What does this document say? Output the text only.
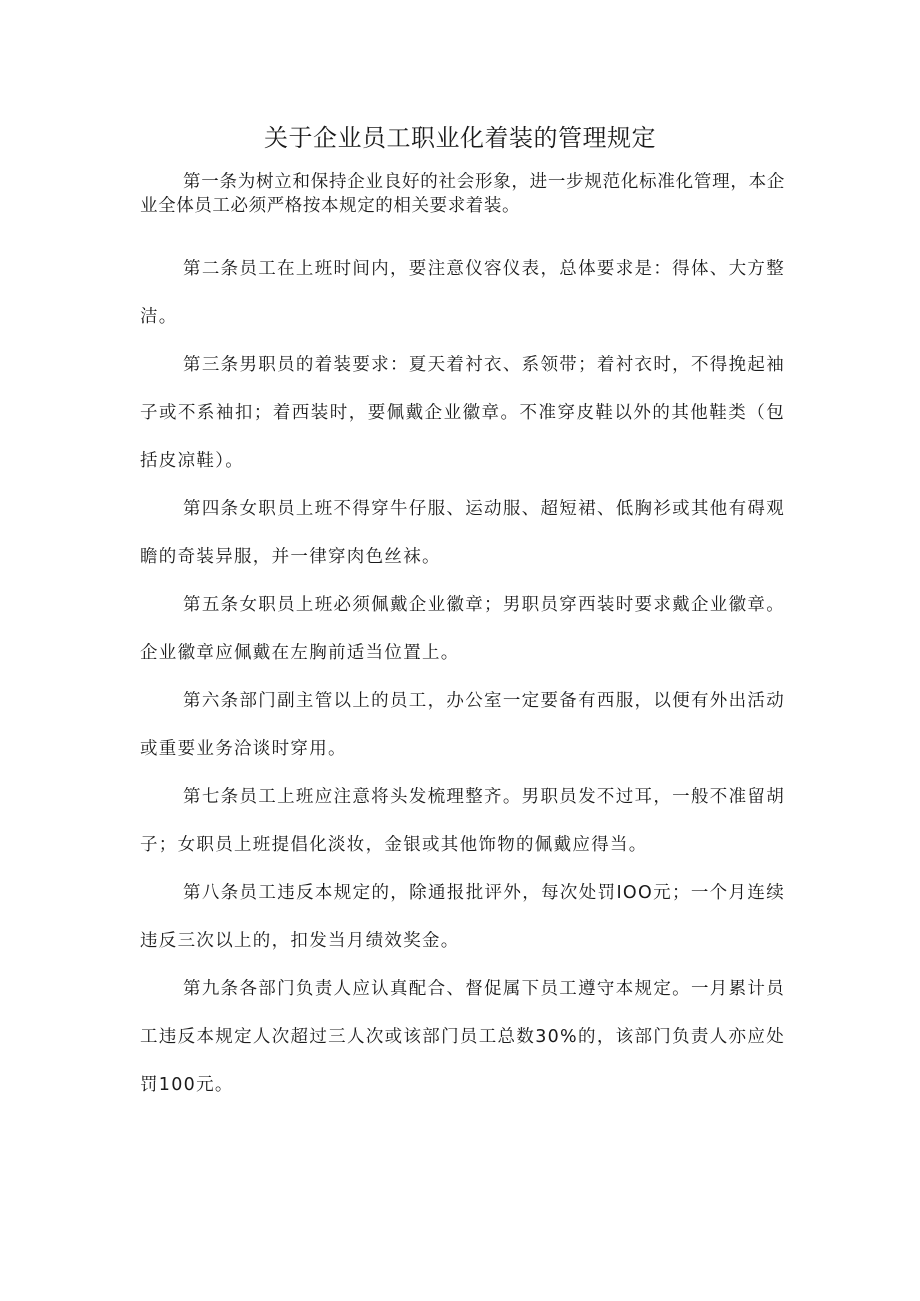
关于企业员工职业化着装的管理规定

第一条为树立和保持企业良好的社会形象，进一步规范化标准化管理，本企业全体员工必须严格按本规定的相关要求着装。

第二条员工在上班时间内，要注意仪容仪表，总体要求是：得体、大方整洁。

第三条男职员的着装要求：夏天着衬衣、系领带；着衬衣时，不得挽起袖子或不系袖扣；着西装时，要佩戴企业徽章。不准穿皮鞋以外的其他鞋类（包括皮凉鞋）。

第四条女职员上班不得穿牛仔服、运动服、超短裙、低胸衫或其他有碍观瞻的奇装异服，并一律穿肉色丝袜。

第五条女职员上班必须佩戴企业徽章；男职员穿西装时要求戴企业徽章。企业徽章应佩戴在左胸前适当位置上。

第六条部门副主管以上的员工，办公室一定要备有西服，以便有外出活动或重要业务洽谈时穿用。

第七条员工上班应注意将头发梳理整齐。男职员发不过耳，一般不准留胡子；女职员上班提倡化淡妆，金银或其他饰物的佩戴应得当。

第八条员工违反本规定的，除通报批评外，每次处罚IOO元；一个月连续违反三次以上的，扣发当月绩效奖金。

第九条各部门负责人应认真配合、督促属下员工遵守本规定。一月累计员工违反本规定人次超过三人次或该部门员工总数30%的，该部门负责人亦应处罚100元。
